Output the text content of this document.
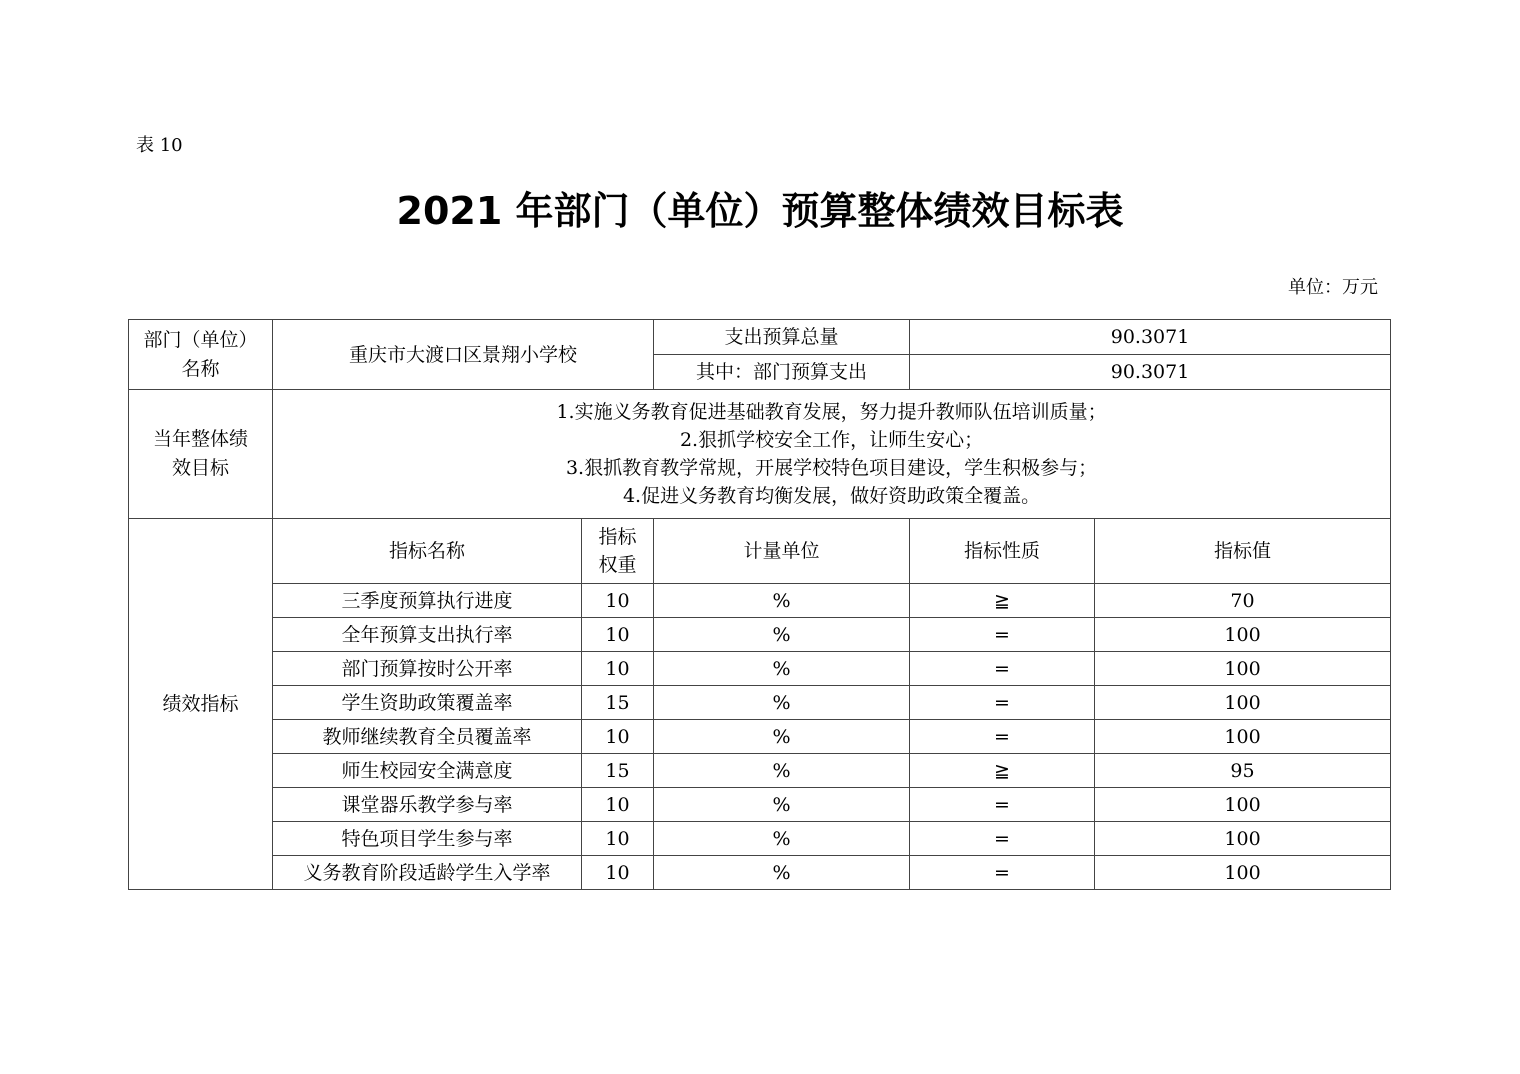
表 10
2021 年部门（单位）预算整体绩效目标表
单位：万元
部门（单位）名称	重庆市大渡口区景翔小学校		支出预算总量	90.3071	
			其中：部门预算支出	90.3071	

当年整体绩效目标	1.实施义务教育促进基础教育发展，努力提升教师队伍培训质量；
2.狠抓学校安全工作，让师生安心；
3.狠抓教育教学常规，开展学校特色项目建设，学生积极参与；
4.促进义务教育均衡发展，做好资助政策全覆盖。				

绩效指标	指标名称	指标权重	计量单位	指标性质	指标值
	三季度预算执行进度	10	%	≧	70
	全年预算支出执行率	10	%	=	100
	部门预算按时公开率	10	%	=	100
	学生资助政策覆盖率	15	%	=	100
	教师继续教育全员覆盖率	10	%	=	100
	师生校园安全满意度	15	%	≧	95
	课堂器乐教学参与率	10	%	=	100
	特色项目学生参与率	10	%	=	100
	义务教育阶段适龄学生入学率	10	%	=	100
